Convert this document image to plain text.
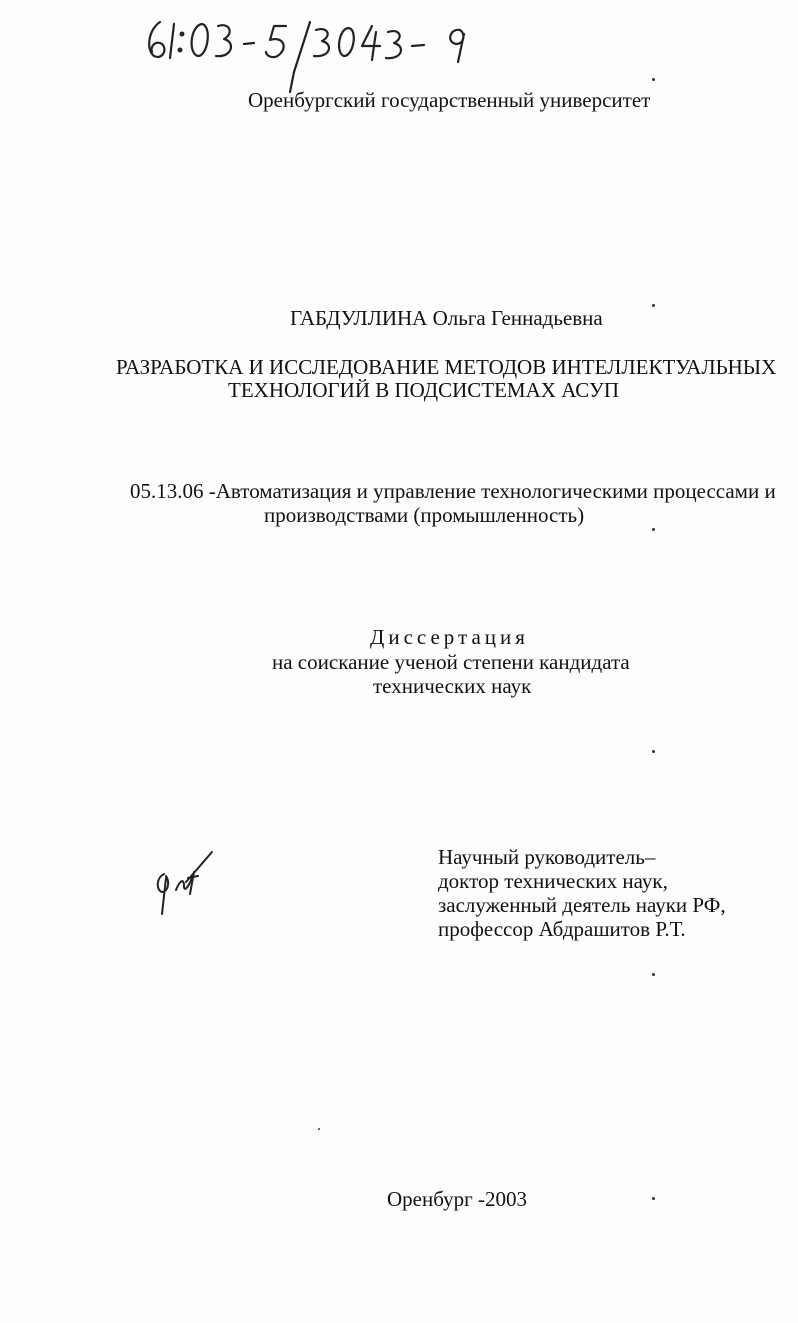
Оренбургский государственный университет
ГАБДУЛЛИНА Ольга Геннадьевна
РАЗРАБОТКА И ИССЛЕДОВАНИЕ МЕТОДОВ ИНТЕЛЛЕКТУАЛЬНЫХ
ТЕХНОЛОГИЙ В ПОДСИСТЕМАХ АСУП
05.13.06 -Автоматизация и управление технологическими процессами и
производствами (промышленность)
Диссертация
на соискание ученой степени кандидата
технических наук
Научный руководитель–
доктор технических наук,
заслуженный деятель науки РФ,
профессор Абдрашитов Р.Т.
Оренбург -2003
